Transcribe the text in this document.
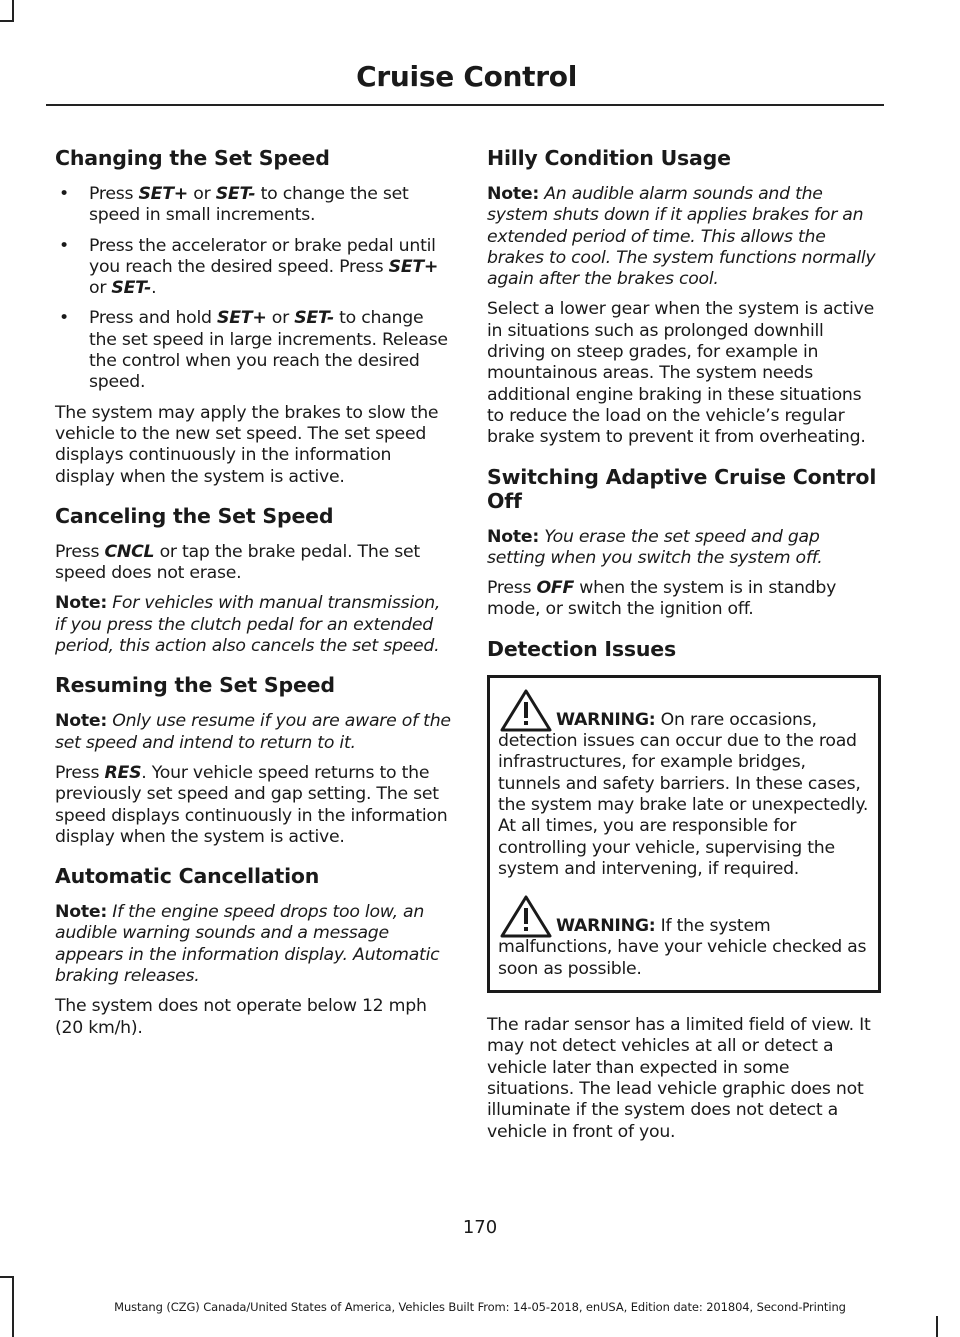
Cruise Control
Changing the Set Speed
• Press SET+ or SET- to change the set speed in small increments.
• Press the accelerator or brake pedal until you reach the desired speed. Press SET+ or SET-.
• Press and hold SET+ or SET- to change the set speed in large increments. Release the control when you reach the desired speed.

The system may apply the brakes to slow the vehicle to the new set speed. The set speed displays continuously in the information display when the system is active.

Canceling the Set Speed

Press CNCL or tap the brake pedal. The set speed does not erase.

Note: For vehicles with manual transmission, if you press the clutch pedal for an extended period, this action also cancels the set speed.

Resuming the Set Speed

Note: Only use resume if you are aware of the set speed and intend to return to it.

Press RES. Your vehicle speed returns to the previously set speed and gap setting. The set speed displays continuously in the information display when the system is active.

Automatic Cancellation

Note: If the engine speed drops too low, an audible warning sounds and a message appears in the information display. Automatic braking releases.

The system does not operate below 12 mph (20 km/h).

Hilly Condition Usage

Note: An audible alarm sounds and the system shuts down if it applies brakes for an extended period of time. This allows the brakes to cool. The system functions normally again after the brakes cool.

Select a lower gear when the system is active in situations such as prolonged downhill driving on steep grades, for example in mountainous areas. The system needs additional engine braking in these situations to reduce the load on the vehicle’s regular brake system to prevent it from overheating.

Switching Adaptive Cruise Control Off

Note: You erase the set speed and gap setting when you switch the system off.

Press OFF when the system is in standby mode, or switch the ignition off.

Detection Issues
WARNING: On rare occasions, detection issues can occur due to the road infrastructures, for example bridges, tunnels and safety barriers. In these cases, the system may brake late or unexpectedly. At all times, you are responsible for controlling your vehicle, supervising the system and intervening, if required.
WARNING: If the system malfunctions, have your vehicle checked as soon as possible.

The radar sensor has a limited field of view. It may not detect vehicles at all or detect a vehicle later than expected in some situations. The lead vehicle graphic does not illuminate if the system does not detect a vehicle in front of you.

170
Mustang (CZG) Canada/United States of America, Vehicles Built From: 14-05-2018, enUSA, Edition date: 201804, Second-Printing
